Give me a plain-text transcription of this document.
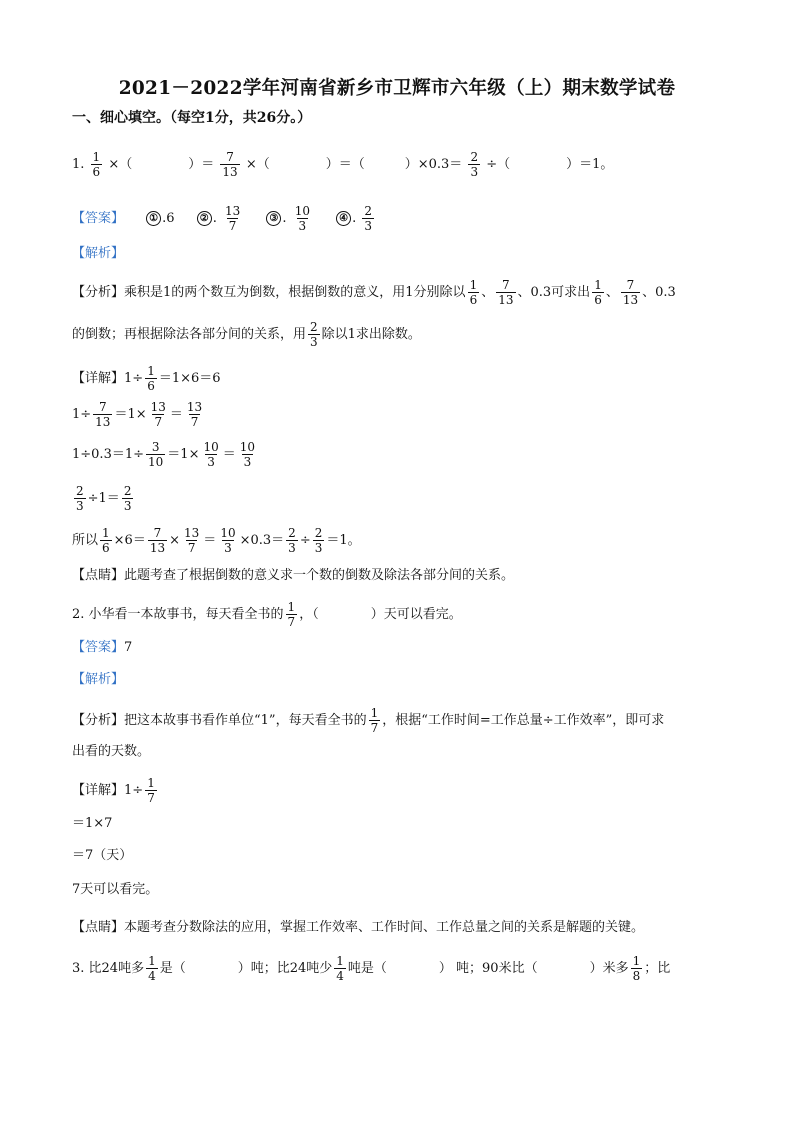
2021－2022学年河南省新乡市卫辉市六年级（上）期末数学试卷
一、细心填空。（每空1分，共26分。）
1. $\frac{1}{6}$ ×（	）＝ $\frac{7}{13}$ ×（	）＝（	）$\times 0.3= \frac{2}{3}$ ÷（	）＝1。
【答案】	① .6	② . $\frac{13}{7}$	③ . $\frac{10}{3}$	④ . $\frac{2}{3}$
【解析】
【分析】乘积是1的两个数互为倒数，根据倒数的意义，用1分别除以 $\frac{1}{6}$ 、 $\frac{7}{13}$ 、0.3可求出 $\frac{1}{6}$ 、 $\frac{7}{13}$ 、0.3
的倒数；再根据除法各部分间的关系，用 $\frac{2}{3}$ 除以1求出除数。
【详解】$1\div \frac{1}{6} =1\times 6=6$
$1\div \frac{7}{13} =1\times \frac{13}{7} = \frac{13}{7}$
$1\div 0.3=1\div \frac{3}{10} =1\times \frac{10}{3} = \frac{10}{3}$
$\frac{2}{3} \div 1= \frac{2}{3}$
所以 $\frac{1}{6} \times 6= \frac{7}{13} \times \frac{13}{7} = \frac{10}{3} \times 0.3= \frac{2}{3} \div \frac{2}{3} =1$。
【点睛】此题考查了根据倒数的意义求一个数的倒数及除法各部分间的关系。
2. 小华看一本故事书，每天看全书的 $\frac{1}{7}$ ，（　　　　）天可以看完。
【答案】7
【解析】
【分析】把这本故事书看作单位“1”，每天看全书的 $\frac{1}{7}$ ，根据“工作时间=工作总量÷工作效率”，即可求
出看的天数。
【详解】$1\div \frac{1}{7}$
＝1×7
＝7（天）
7天可以看完。
【点睛】本题考查分数除法的应用，掌握工作效率、工作时间、工作总量之间的关系是解题的关键。
3. 比24吨多 $\frac{1}{4}$ 是（　　　　）吨；比24吨少 $\frac{1}{4}$ 吨是（　　　　） 吨；90米比（　　　　）米多 $\frac{1}{8}$ ；比
